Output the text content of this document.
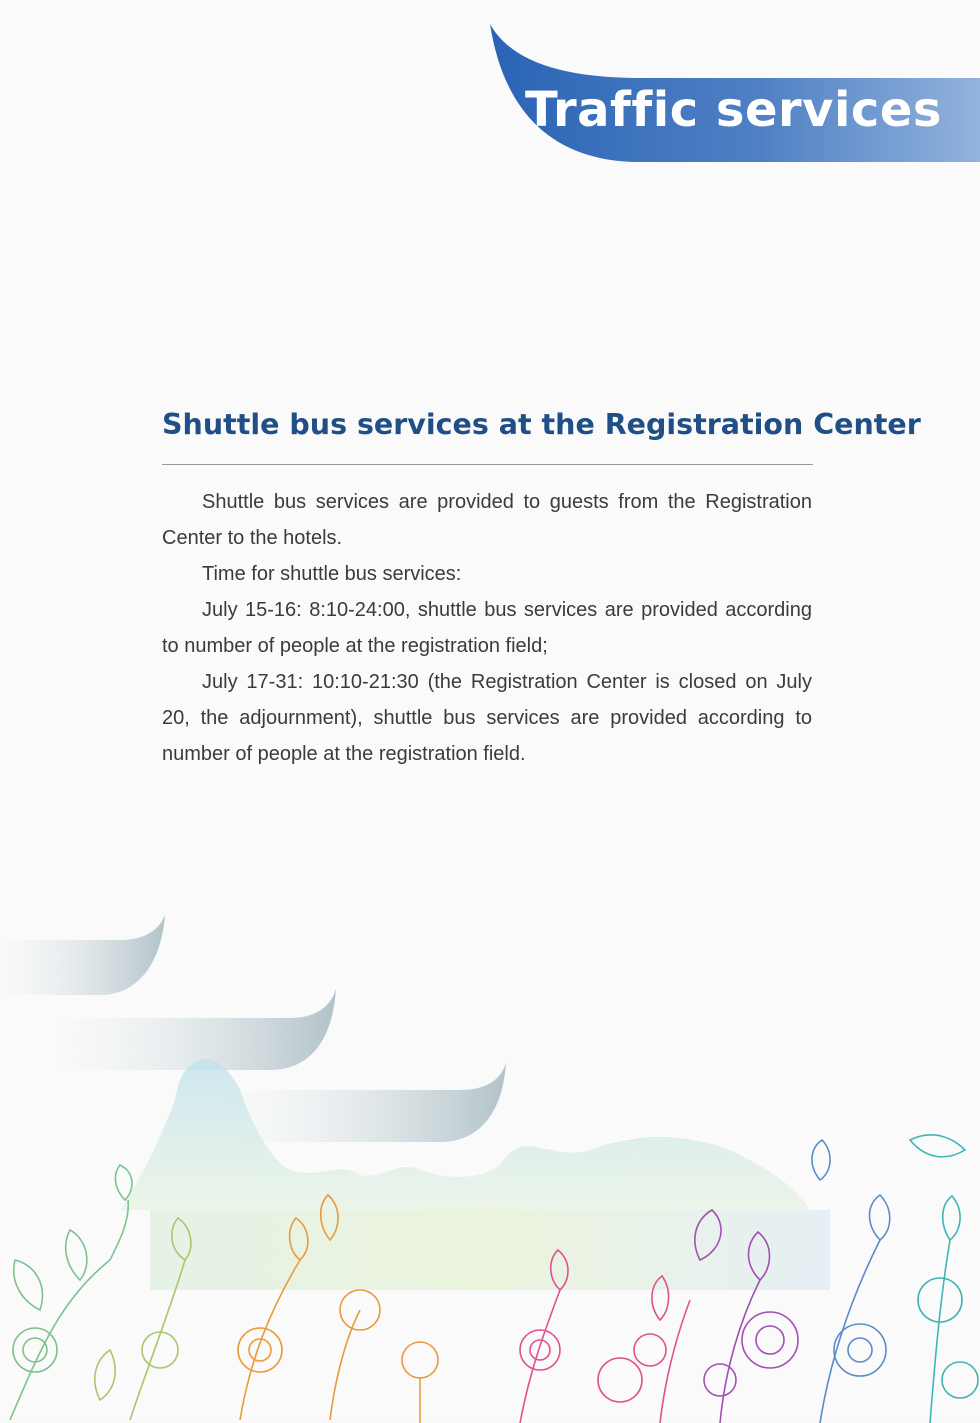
Traffic services
Shuttle bus services at the Registration Center

Shuttle bus services are provided to guests from the Registration Center to the hotels.

Time for shuttle bus services:

July 15-16: 8:10-24:00, shuttle bus services are provided according to number of people at the registration field;

July 17-31: 10:10-21:30 (the Registration Center is closed on July 20, the adjournment), shuttle bus services are provided according to number of people at the registration field.
